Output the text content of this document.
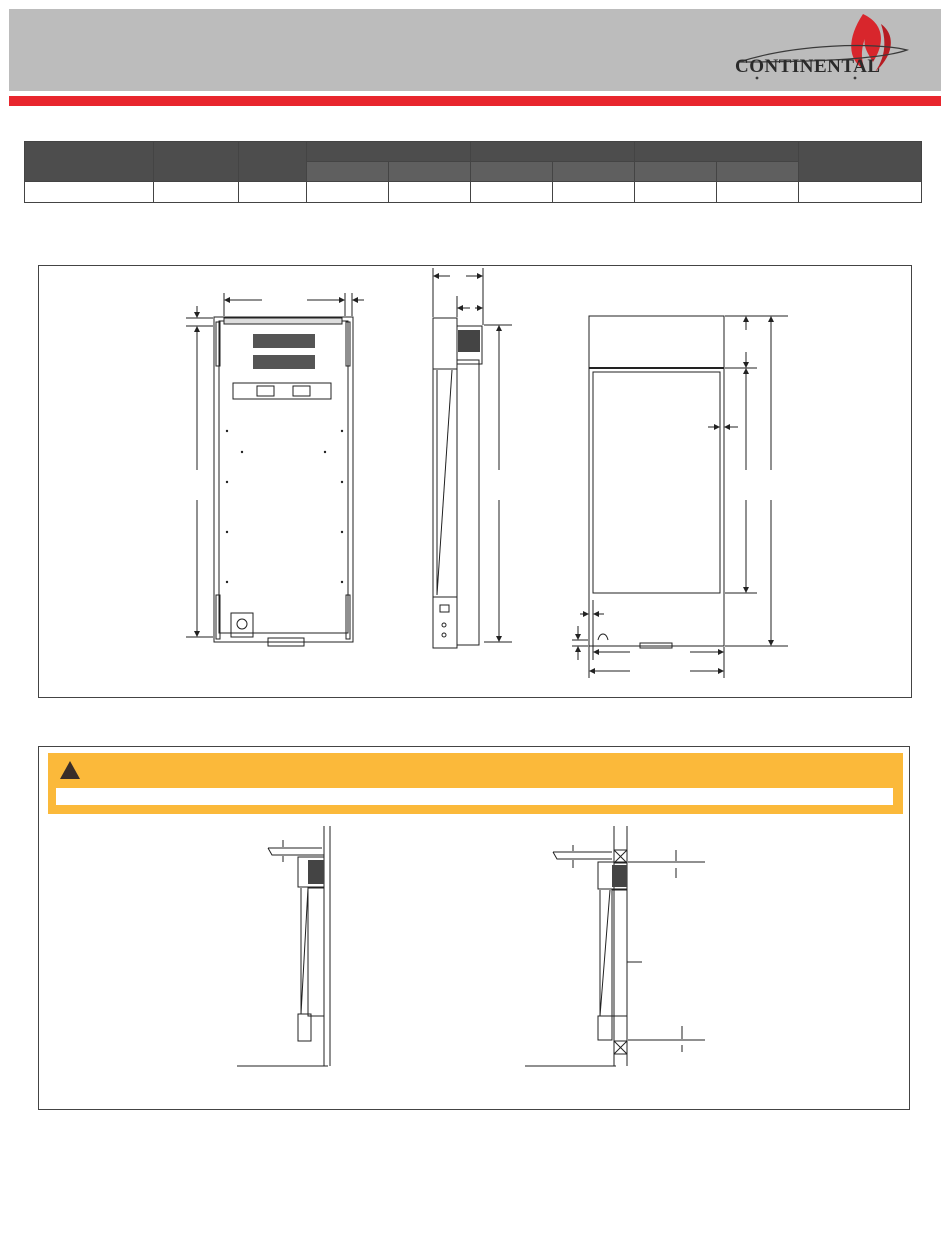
CONTINENTAL
